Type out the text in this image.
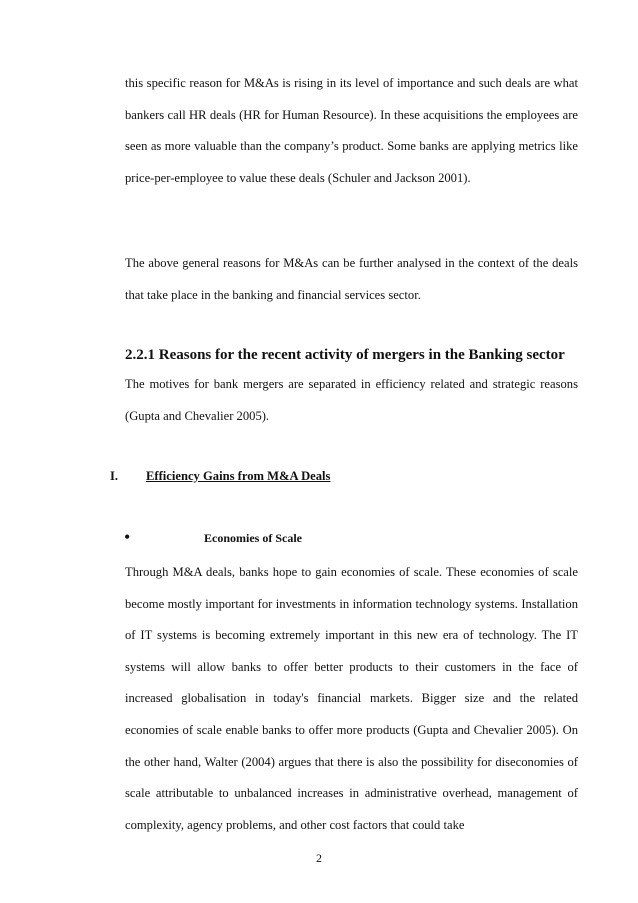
this specific reason for M&As is rising in its level of importance and such deals are what bankers call HR deals (HR for Human Resource). In these acquisitions the employees are seen as more valuable than the company’s product. Some banks are applying metrics like price-per-employee to value these deals (Schuler and Jackson 2001).

The above general reasons for M&As can be further analysed in the context of the deals that take place in the banking and financial services sector.

2.2.1 Reasons for the recent activity of mergers in the Banking sector

The motives for bank mergers are separated in efficiency related and strategic reasons (Gupta and Chevalier 2005).

I. Efficiency Gains from M&A Deals
•	Economies of Scale

Through M&A deals, banks hope to gain economies of scale. These economies of scale become mostly important for investments in information technology systems. Installation of IT systems is becoming extremely important in this new era of technology. The IT systems will allow banks to offer better products to their customers in the face of increased globalisation in today's financial markets. Bigger size and the related economies of scale enable banks to offer more products (Gupta and Chevalier 2005). On the other hand, Walter (2004) argues that there is also the possibility for diseconomies of scale attributable to unbalanced increases in administrative overhead, management of complexity, agency problems, and other cost factors that could take

2
